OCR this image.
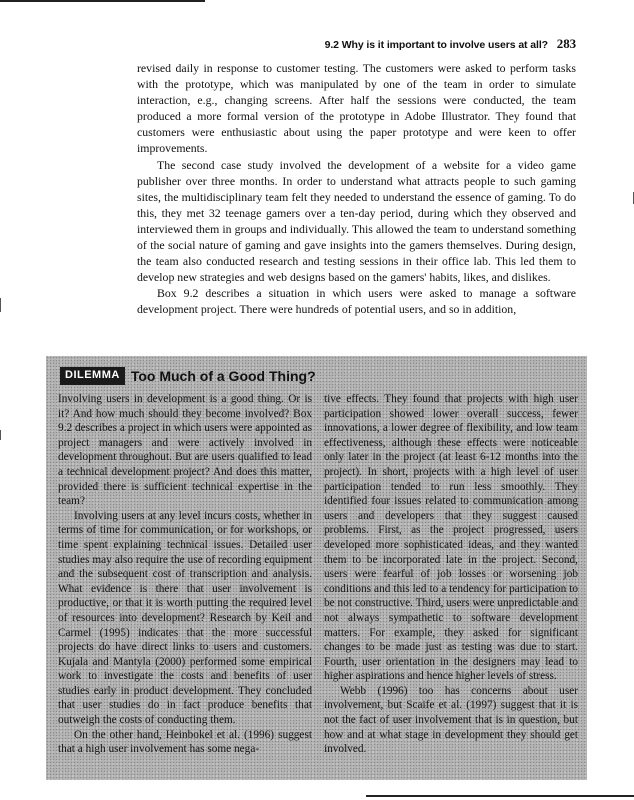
9.2 Why is it important to involve users at all? 283

revised daily in response to customer testing. The customers were asked to perform tasks with the prototype, which was manipulated by one of the team in order to simulate interaction, e.g., changing screens. After half the sessions were conducted, the team produced a more formal version of the prototype in Adobe Illustrator. They found that customers were enthusiastic about using the paper prototype and were keen to offer improvements.

The second case study involved the development of a website for a video game publisher over three months. In order to understand what attracts people to such gaming sites, the multidisciplinary team felt they needed to understand the essence of gaming. To do this, they met 32 teenage gamers over a ten-day period, during which they observed and interviewed them in groups and individually. This allowed the team to understand something of the social nature of gaming and gave insights into the gamers themselves. During design, the team also conducted research and testing sessions in their office lab. This led them to develop new strategies and web designs based on the gamers' habits, likes, and dislikes.

Box 9.2 describes a situation in which users were asked to manage a software development project. There were hundreds of potential users, and so in addition,

DILEMMA Too Much of a Good Thing?

Involving users in development is a good thing. Or is it? And how much should they become involved? Box 9.2 describes a project in which users were appointed as project managers and were actively involved in development throughout. But are users qualified to lead a technical development project? And does this matter, provided there is sufficient technical expertise in the team?

Involving users at any level incurs costs, whether in terms of time for communication, or for workshops, or time spent explaining technical issues. Detailed user studies may also require the use of recording equipment and the subsequent cost of transcription and analysis. What evidence is there that user involvement is productive, or that it is worth putting the required level of resources into development? Research by Keil and Carmel (1995) indicates that the more successful projects do have direct links to users and customers. Kujala and Mantyla (2000) performed some empirical work to investigate the costs and benefits of user studies early in product development. They concluded that user studies do in fact produce benefits that outweigh the costs of conducting them.

On the other hand, Heinbokel et al. (1996) suggest that a high user involvement has some nega-

tive effects. They found that projects with high user participation showed lower overall success, fewer innovations, a lower degree of flexibility, and low team effectiveness, although these effects were noticeable only later in the project (at least 6-12 months into the project). In short, projects with a high level of user participation tended to run less smoothly. They identified four issues related to communication among users and developers that they suggest caused problems. First, as the project progressed, users developed more sophisticated ideas, and they wanted them to be incorporated late in the project. Second, users were fearful of job losses or worsening job conditions and this led to a tendency for participation to be not constructive. Third, users were unpredictable and not always sympathetic to software development matters. For example, they asked for significant changes to be made just as testing was due to start. Fourth, user orientation in the designers may lead to higher aspirations and hence higher levels of stress.

Webb (1996) too has concerns about user involvement, but Scaife et al. (1997) suggest that it is not the fact of user involvement that is in question, but how and at what stage in development they should get involved.
